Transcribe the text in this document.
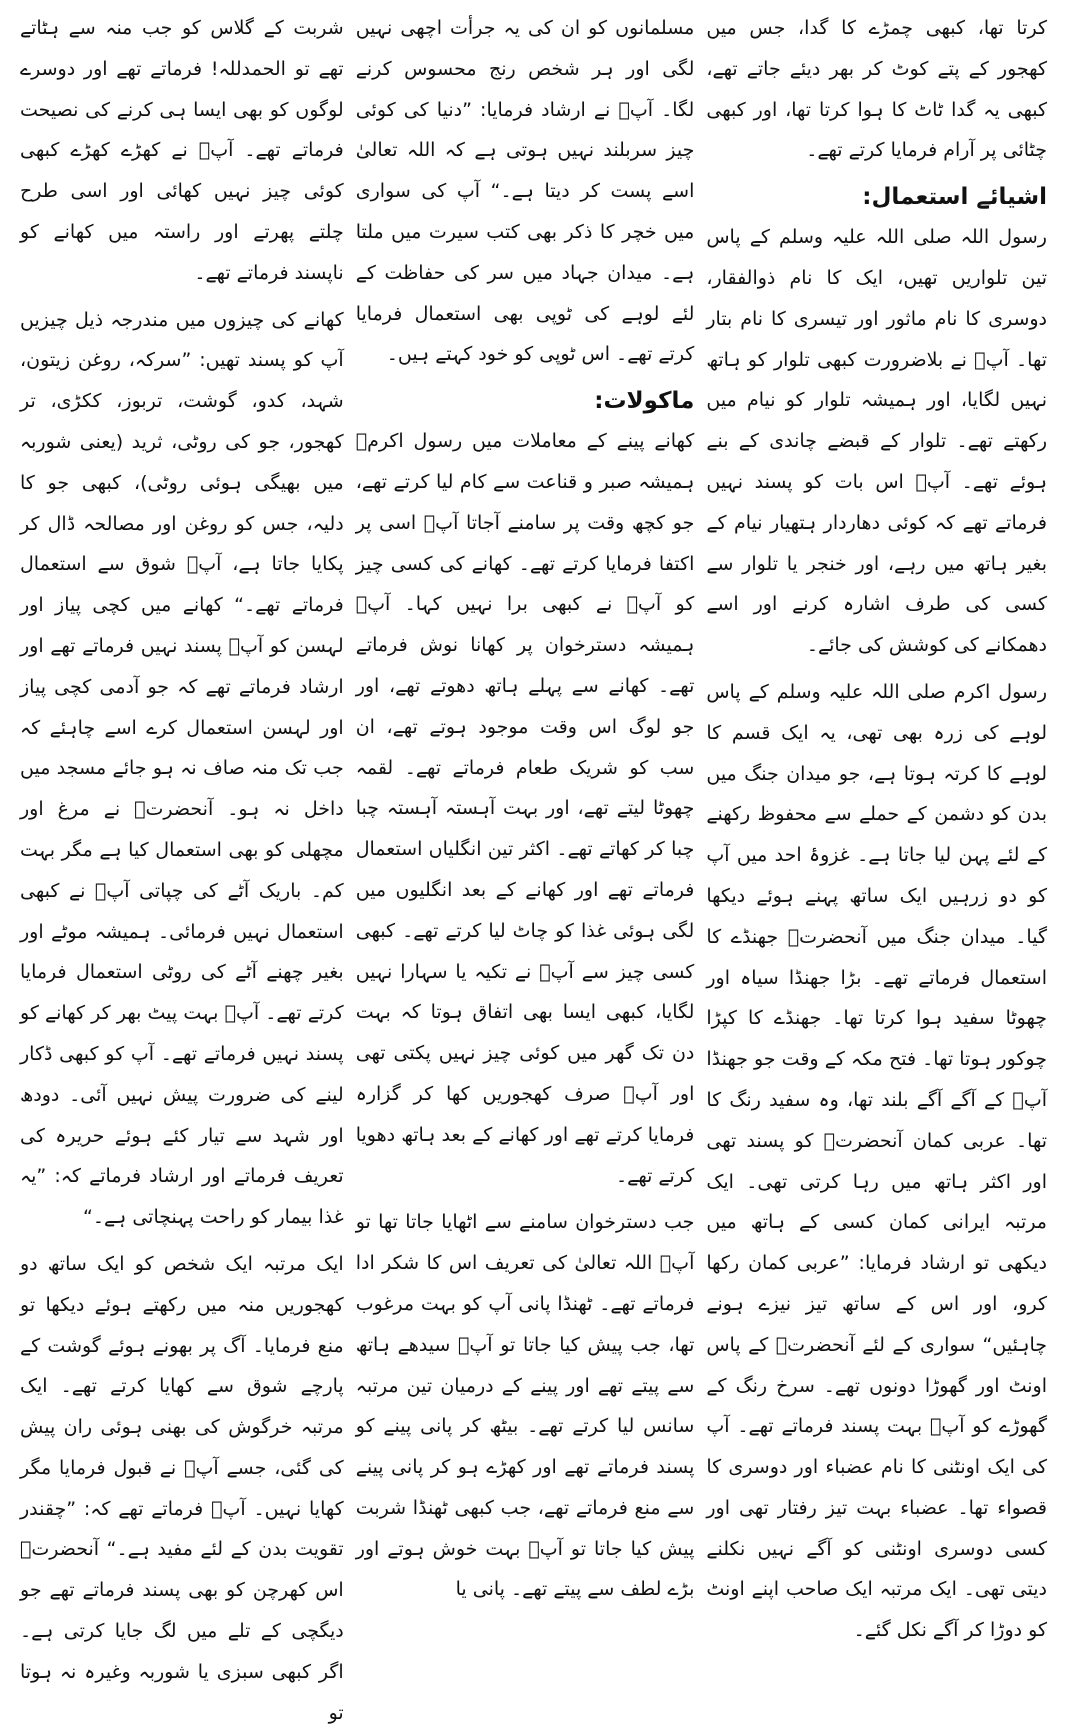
کرتا تھا، کبھی چمڑے کا گدا، جس میں کھجور کے پتے کوٹ کر بھر دیئے جاتے تھے، کبھی یہ گدا ٹاٹ کا ہوا کرتا تھا، اور کبھی چٹائی پر آرام فرمایا کرتے تھے۔

اشیائے استعمال:

رسول اللہ صلی اللہ علیہ وسلم کے پاس تین تلواریں تھیں، ایک کا نام ذوالفقار، دوسری کا نام ماثور اور تیسری کا نام بتار تھا۔ آپؐ نے بلاضرورت کبھی تلوار کو ہاتھ نہیں لگایا، اور ہمیشہ تلوار کو نیام میں رکھتے تھے۔ تلوار کے قبضے چاندی کے بنے ہوئے تھے۔ آپؐ اس بات کو پسند نہیں فرماتے تھے کہ کوئی دھاردار ہتھیار نیام کے بغیر ہاتھ میں رہے، اور خنجر یا تلوار سے کسی کی طرف اشارہ کرنے اور اسے دھمکانے کی کوشش کی جائے۔

رسول اکرم صلی اللہ علیہ وسلم کے پاس لوہے کی زرہ بھی تھی، یہ ایک قسم کا لوہے کا کرتہ ہوتا ہے، جو میدان جنگ میں بدن کو دشمن کے حملے سے محفوظ رکھنے کے لئے پہن لیا جاتا ہے۔ غزوۂ احد میں آپ کو دو زرہیں ایک ساتھ پہنے ہوئے دیکھا گیا۔ میدان جنگ میں آنحضرتؐ جھنڈے کا استعمال فرماتے تھے۔ بڑا جھنڈا سیاہ اور چھوٹا سفید ہوا کرتا تھا۔ جھنڈے کا کپڑا چوکور ہوتا تھا۔ فتح مکہ کے وقت جو جھنڈا آپؐ کے آگے آگے بلند تھا، وہ سفید رنگ کا تھا۔ عربی کمان آنحضرتؐ کو پسند تھی اور اکثر ہاتھ میں رہا کرتی تھی۔ ایک مرتبہ ایرانی کمان کسی کے ہاتھ میں دیکھی تو ارشاد فرمایا: ”عربی کمان رکھا کرو، اور اس کے ساتھ تیز نیزے ہونے چاہئیں“ سواری کے لئے آنحضرتؐ کے پاس اونٹ اور گھوڑا دونوں تھے۔ سرخ رنگ کے گھوڑے کو آپؐ بہت پسند فرماتے تھے۔ آپ کی ایک اونٹنی کا نام عضباء اور دوسری کا قصواء تھا۔ عضباء بہت تیز رفتار تھی اور کسی دوسری اونٹنی کو آگے نہیں نکلنے دیتی تھی۔ ایک مرتبہ ایک صاحب اپنے اونٹ کو دوڑا کر آگے نکل گئے۔

مسلمانوں کو ان کی یہ جرأت اچھی نہیں لگی اور ہر شخص رنج محسوس کرنے لگا۔ آپؐ نے ارشاد فرمایا: ”دنیا کی کوئی چیز سربلند نہیں ہوتی ہے کہ اللہ تعالیٰ اسے پست کر دیتا ہے۔“ آپ کی سواری میں خچر کا ذکر بھی کتب سیرت میں ملتا ہے۔ میدان جہاد میں سر کی حفاظت کے لئے لوہے کی ٹوپی بھی استعمال فرمایا کرتے تھے۔ اس ٹوپی کو خود کہتے ہیں۔

ماکولات:

کھانے پینے کے معاملات میں رسول اکرمؐ ہمیشہ صبر و قناعت سے کام لیا کرتے تھے، جو کچھ وقت پر سامنے آجاتا آپؐ اسی پر اکتفا فرمایا کرتے تھے۔ کھانے کی کسی چیز کو آپؐ نے کبھی برا نہیں کہا۔ آپؐ ہمیشہ دسترخوان پر کھانا نوش فرماتے تھے۔ کھانے سے پہلے ہاتھ دھوتے تھے، اور جو لوگ اس وقت موجود ہوتے تھے، ان سب کو شریک طعام فرماتے تھے۔ لقمہ چھوٹا لیتے تھے، اور بہت آہستہ آہستہ چبا چبا کر کھاتے تھے۔ اکثر تین انگلیاں استعمال فرماتے تھے اور کھانے کے بعد انگلیوں میں لگی ہوئی غذا کو چاٹ لیا کرتے تھے۔ کبھی کسی چیز سے آپؐ نے تکیہ یا سہارا نہیں لگایا، کبھی ایسا بھی اتفاق ہوتا کہ بہت دن تک گھر میں کوئی چیز نہیں پکتی تھی اور آپؐ صرف کھجوریں کھا کر گزارہ فرمایا کرتے تھے اور کھانے کے بعد ہاتھ دھویا کرتے تھے۔

جب دسترخوان سامنے سے اٹھایا جاتا تھا تو آپؐ اللہ تعالیٰ کی تعریف اس کا شکر ادا فرماتے تھے۔ ٹھنڈا پانی آپ کو بہت مرغوب تھا، جب پیش کیا جاتا تو آپؐ سیدھے ہاتھ سے پیتے تھے اور پینے کے درمیان تین مرتبہ سانس لیا کرتے تھے۔ بیٹھ کر پانی پینے کو پسند فرماتے تھے اور کھڑے ہو کر پانی پینے سے منع فرماتے تھے، جب کبھی ٹھنڈا شربت پیش کیا جاتا تو آپؐ بہت خوش ہوتے اور بڑے لطف سے پیتے تھے۔ پانی یا

شربت کے گلاس کو جب منہ سے ہٹاتے تھے تو الحمدللہ! فرماتے تھے اور دوسرے لوگوں کو بھی ایسا ہی کرنے کی نصیحت فرماتے تھے۔ آپؐ نے کھڑے کھڑے کبھی کوئی چیز نہیں کھائی اور اسی طرح چلتے پھرتے اور راستہ میں کھانے کو ناپسند فرماتے تھے۔

کھانے کی چیزوں میں مندرجہ ذیل چیزیں آپ کو پسند تھیں: ”سرکہ، روغن زیتون، شہد، کدو، گوشت، تربوز، ککڑی، تر کھجور، جو کی روٹی، ثرید (یعنی شوربہ میں بھیگی ہوئی روٹی)، کبھی جو کا دلیہ، جس کو روغن اور مصالحہ ڈال کر پکایا جاتا ہے، آپؐ شوق سے استعمال فرماتے تھے۔“ کھانے میں کچی پیاز اور لہسن کو آپؐ پسند نہیں فرماتے تھے اور ارشاد فرماتے تھے کہ جو آدمی کچی پیاز اور لہسن استعمال کرے اسے چاہئے کہ جب تک منہ صاف نہ ہو جائے مسجد میں داخل نہ ہو۔ آنحضرتؐ نے مرغ اور مچھلی کو بھی استعمال کیا ہے مگر بہت کم۔ باریک آٹے کی چپاتی آپؐ نے کبھی استعمال نہیں فرمائی۔ ہمیشہ موٹے اور بغیر چھنے آٹے کی روٹی استعمال فرمایا کرتے تھے۔ آپؐ بہت پیٹ بھر کر کھانے کو پسند نہیں فرماتے تھے۔ آپ کو کبھی ڈکار لینے کی ضرورت پیش نہیں آئی۔ دودھ اور شہد سے تیار کئے ہوئے حریرہ کی تعریف فرماتے اور ارشاد فرماتے کہ: ”یہ غذا بیمار کو راحت پہنچاتی ہے۔“

ایک مرتبہ ایک شخص کو ایک ساتھ دو کھجوریں منہ میں رکھتے ہوئے دیکھا تو منع فرمایا۔ آگ پر بھونے ہوئے گوشت کے پارچے شوق سے کھایا کرتے تھے۔ ایک مرتبہ خرگوش کی بھنی ہوئی ران پیش کی گئی، جسے آپؐ نے قبول فرمایا مگر کھایا نہیں۔ آپؐ فرماتے تھے کہ: ”چقندر تقویت بدن کے لئے مفید ہے۔“ آنحضرتؐ اس کھرچن کو بھی پسند فرماتے تھے جو دیگچی کے تلے میں لگ جایا کرتی ہے۔ اگر کبھی سبزی یا شوربہ وغیرہ نہ ہوتا تو
